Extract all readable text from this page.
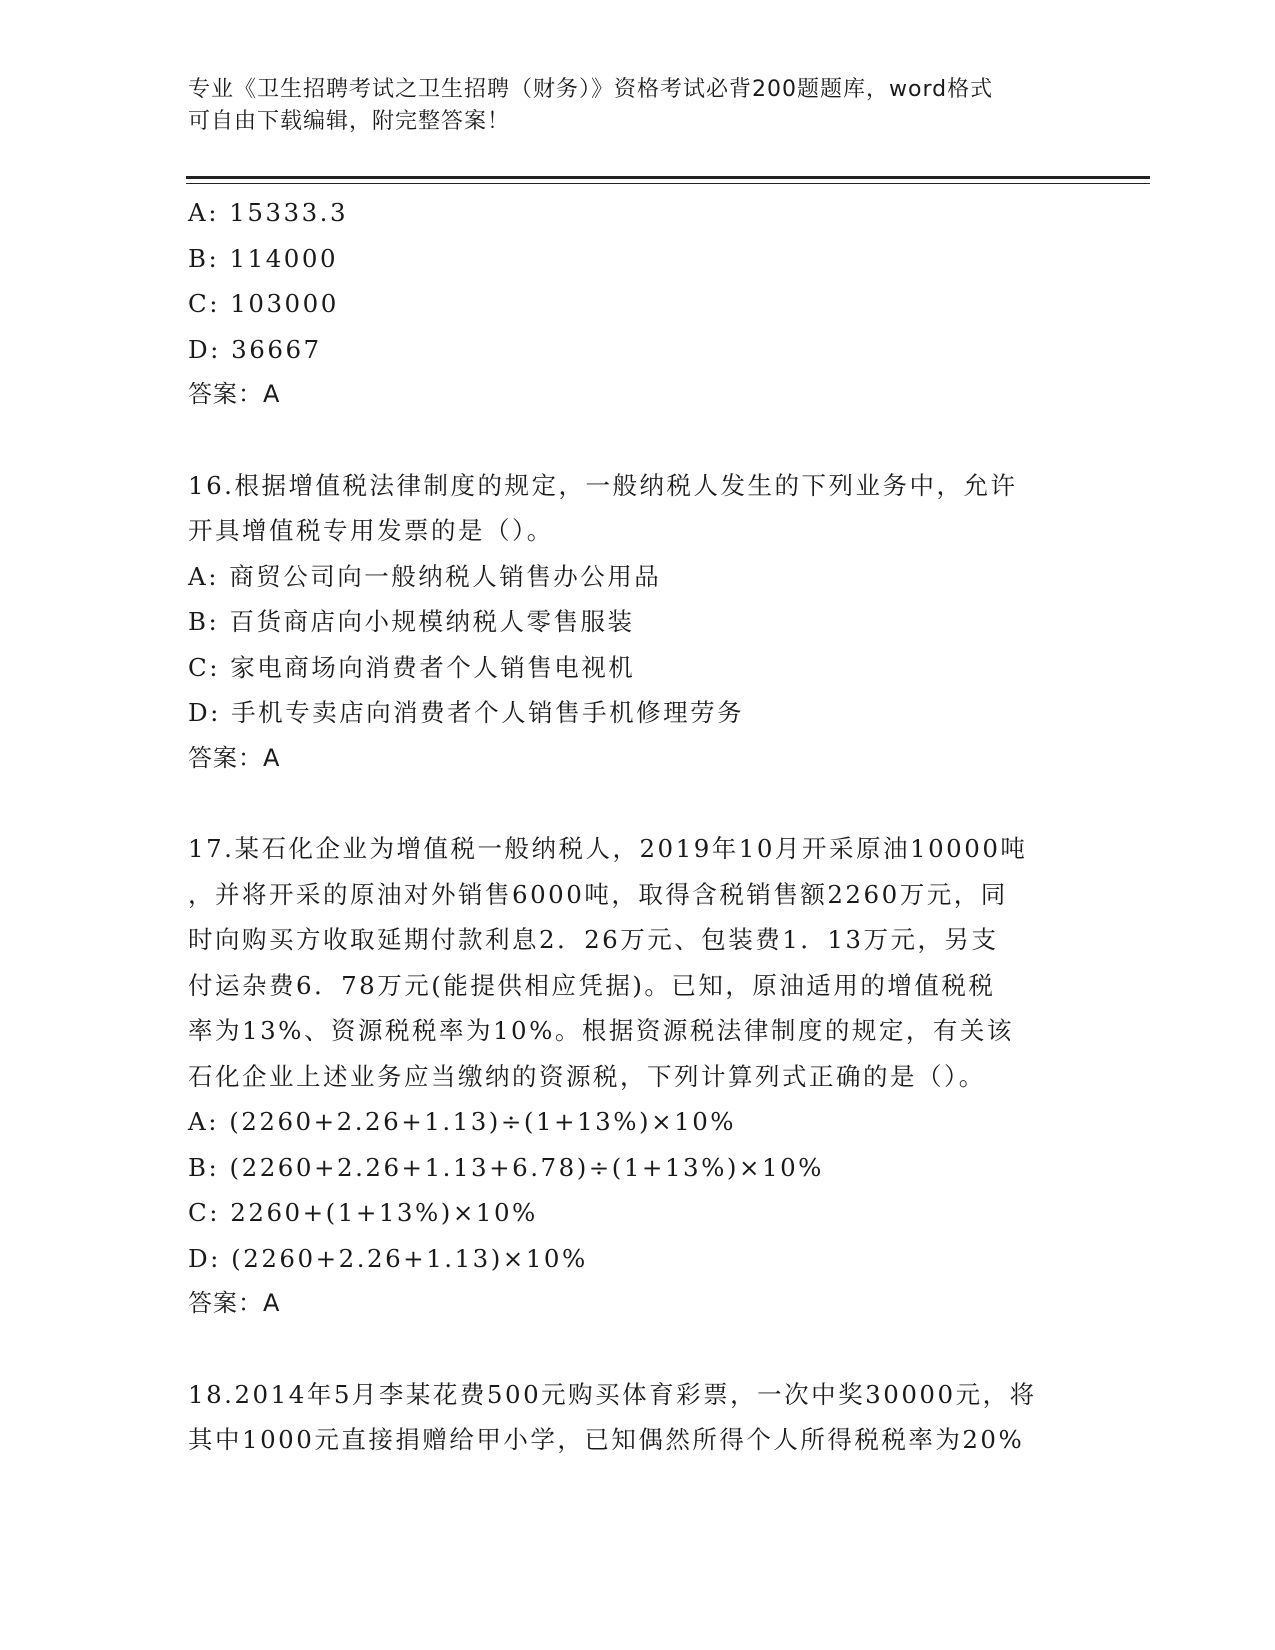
专业《卫生招聘考试之卫生招聘（财务）》资格考试必背200题题库，word格式
可自由下载编辑，附完整答案！
A: 15333.3
B: 114000
C: 103000
D: 36667
答案：A
16.根据增值税法律制度的规定，一般纳税人发生的下列业务中，允许
开具增值税专用发票的是（）。
A: 商贸公司向一般纳税人销售办公用品
B: 百货商店向小规模纳税人零售服装
C: 家电商场向消费者个人销售电视机
D: 手机专卖店向消费者个人销售手机修理劳务
答案：A
17.某石化企业为增值税一般纳税人，2019年10月开采原油10000吨
，并将开采的原油对外销售6000吨，取得含税销售额2260万元，同
时向购买方收取延期付款利息2．26万元、包装费1．13万元，另支
付运杂费6．78万元(能提供相应凭据)。已知，原油适用的增值税税
率为13%、资源税税率为10%。根据资源税法律制度的规定，有关该
石化企业上述业务应当缴纳的资源税，下列计算列式正确的是（）。
A: (2260+2.26+1.13)÷(1+13%)×10%
B: (2260+2.26+1.13+6.78)÷(1+13%)×10%
C: 2260+(1+13%)×10%
D: (2260+2.26+1.13)×10%
答案：A
18.2014年5月李某花费500元购买体育彩票，一次中奖30000元，将
其中1000元直接捐赠给甲小学，已知偶然所得个人所得税税率为20%
